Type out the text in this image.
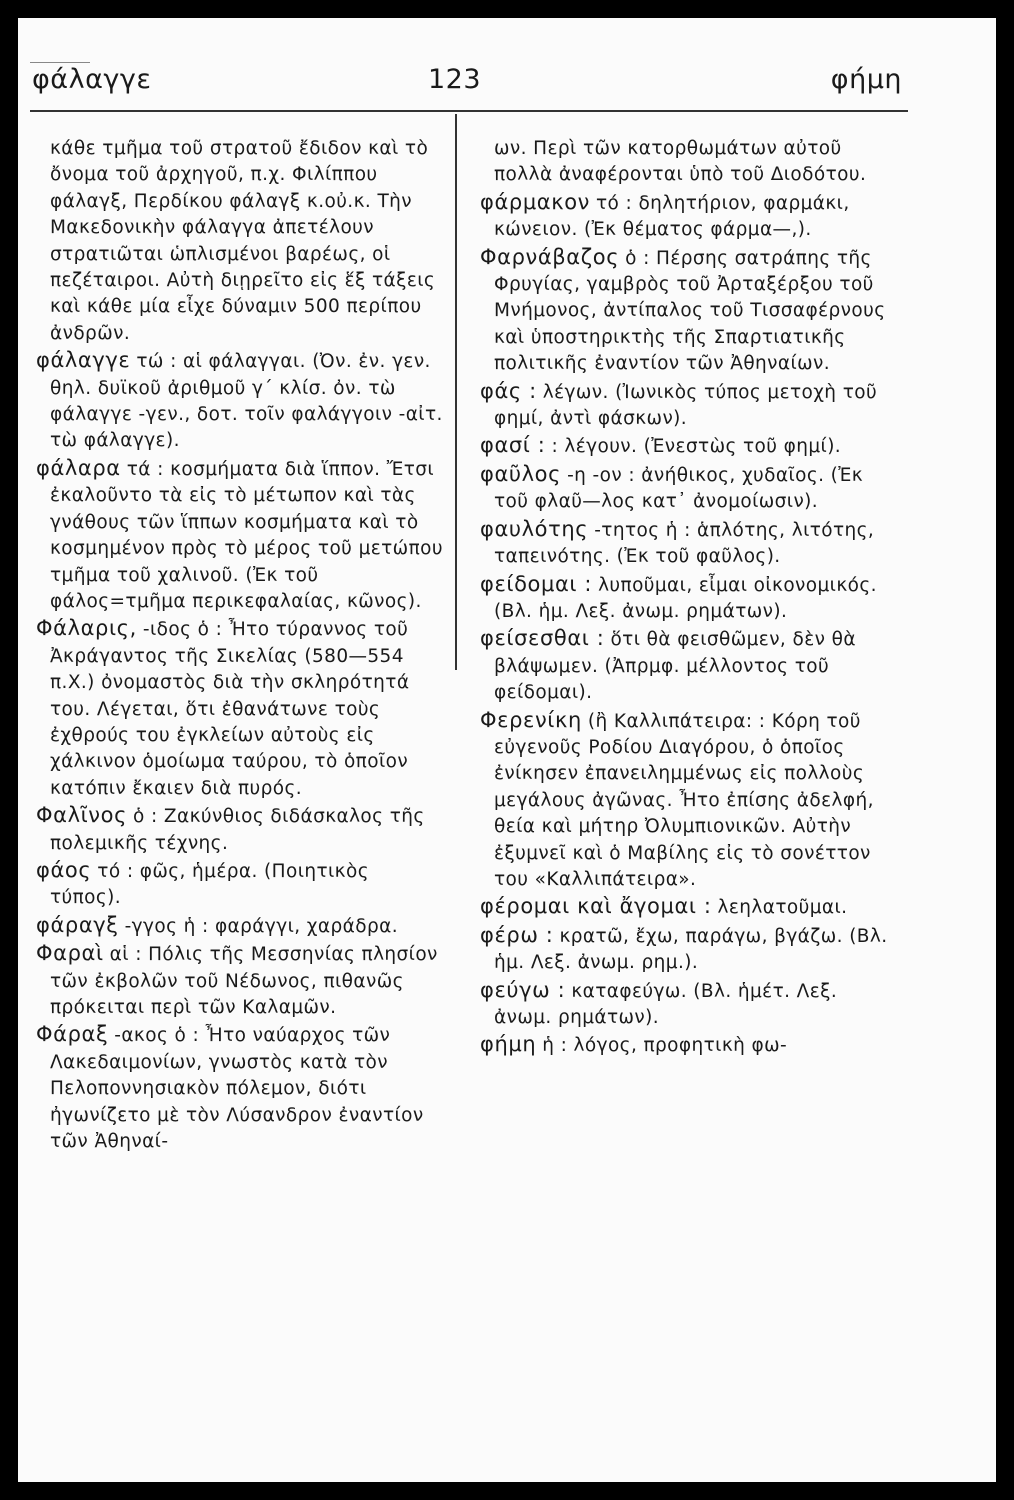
φάλαγγε	123	φήμη

κάθε τμῆμα τοῦ στρατοῦ ἔδιδον καὶ τὸ ὄνομα τοῦ ἀρχηγοῦ, π.χ. Φιλίππου φάλαγξ, Περδίκου φάλαγξ κ.οὐ.κ. Τὴν Μακεδονικὴν φάλαγγα ἀπετέλουν στρατιῶται ὡπλισμένοι βαρέως, οἱ πεζέταιροι. Αὐτὴ διῃρεῖτο εἰς ἕξ τάξεις καὶ κάθε μία εἶχε δύναμιν 500 περίπου ἀνδρῶν.

φάλαγγε τώ : αἱ φάλαγγαι. (Ὀν. ἐν. γεν. θηλ. δυϊκοῦ ἀριθμοῦ γ´ κλίσ. ὀν. τὼ φάλαγγε -γεν., δοτ. τοῖν φαλάγγοιν -αἰτ. τὼ φάλαγγε).

φάλαρα τά : κοσμήματα διὰ ἵππον. Ἔτσι ἐκαλοῦντο τὰ εἰς τὸ μέτωπον καὶ τὰς γνάθους τῶν ἵππων κοσμήματα καὶ τὸ κοσμημένον πρὸς τὸ μέρος τοῦ μετώπου τμῆμα τοῦ χαλινοῦ. (Ἐκ τοῦ φάλος=τμῆμα περικεφαλαίας, κῶνος).

Φάλαρις, -ιδος ὁ : Ἦτο τύραννος τοῦ Ἀκράγαντος τῆς Σικελίας (580—554 π.Χ.) ὀνομαστὸς διὰ τὴν σκληρότητά του. Λέγεται, ὅτι ἐθανάτωνε τοὺς ἐχθρούς του ἐγκλείων αὐτοὺς εἰς χάλκινον ὁμοίωμα ταύρου, τὸ ὁποῖον κατόπιν ἔκαιεν διὰ πυρός.

Φαλῖνος ὁ : Ζακύνθιος διδάσκαλος τῆς πολεμικῆς τέχνης.

φάος τό : φῶς, ἡμέρα. (Ποιητικὸς τύπος).

φάραγξ -γγος ἡ : φαράγγι, χαράδρα.

Φαραὶ αἱ : Πόλις τῆς Μεσσηνίας πλησίον τῶν ἐκβολῶν τοῦ Νέδωνος, πιθανῶς πρόκειται περὶ τῶν Καλαμῶν.

Φάραξ -ακος ὁ : Ἦτο ναύαρχος τῶν Λακεδαιμονίων, γνωστὸς κατὰ τὸν Πελοποννησιακὸν πόλεμον, διότι ἠγωνίζετο μὲ τὸν Λύσανδρον ἐναντίον τῶν Ἀθηναί-

ων. Περὶ τῶν κατορθωμάτων αὐτοῦ πολλὰ ἀναφέρονται ὑπὸ τοῦ Διοδότου.

φάρμακον τό : δηλητήριον, φαρμάκι, κώνειον. (Ἐκ θέματος φάρμα—,).

Φαρνάβαζος ὁ : Πέρσης σατράπης τῆς Φρυγίας, γαμβρὸς τοῦ Ἀρταξέρξου τοῦ Μνήμονος, ἀντίπαλος τοῦ Τισσαφέρνους καὶ ὑποστηρικτὴς τῆς Σπαρτιατικῆς πολιτικῆς ἐναντίον τῶν Ἀθηναίων.

φάς : λέγων. (Ἰωνικὸς τύπος μετοχὴ τοῦ φημί, ἀντὶ φάσκων).

φασί : : λέγουν. (Ἐνεστὼς τοῦ φημί).

φαῦλος -η -ον : ἀνήθικος, χυδαῖος. (Ἐκ τοῦ φλαῦ—λος κατ᾽ ἀνομοίωσιν).

φαυλότης -τητος ἡ : ἁπλότης, λιτότης, ταπεινότης. (Ἐκ τοῦ φαῦλος).

φείδομαι : λυποῦμαι, εἶμαι οἰκονομικός. (Βλ. ἡμ. Λεξ. ἀνωμ. ρημάτων).

φείσεσθαι : ὅτι θὰ φεισθῶμεν, δὲν θὰ βλάψωμεν. (Ἀπρμφ. μέλλοντος τοῦ φείδομαι).

Φερενίκη (ἢ Καλλιπάτειρα: : Κόρη τοῦ εὐγενοῦς Ροδίου Διαγόρου, ὁ ὁποῖος ἐνίκησεν ἐπανειλημμένως εἰς πολλοὺς μεγάλους ἀγῶνας. Ἦτο ἐπίσης ἀδελφή, θεία καὶ μήτηρ Ὀλυμπιονικῶν. Αὐτὴν ἐξυμνεῖ καὶ ὁ Μαβίλης εἰς τὸ σονέττον του «Καλλιπάτειρα».

φέρομαι καὶ ἄγομαι : λεηλατοῦμαι.

φέρω : κρατῶ, ἔχω, παράγω, βγάζω. (Βλ. ἡμ. Λεξ. ἀνωμ. ρημ.).

φεύγω : καταφεύγω. (Βλ. ἡμέτ. Λεξ. ἀνωμ. ρημάτων).

φήμη ἡ : λόγος, προφητικὴ φω-
